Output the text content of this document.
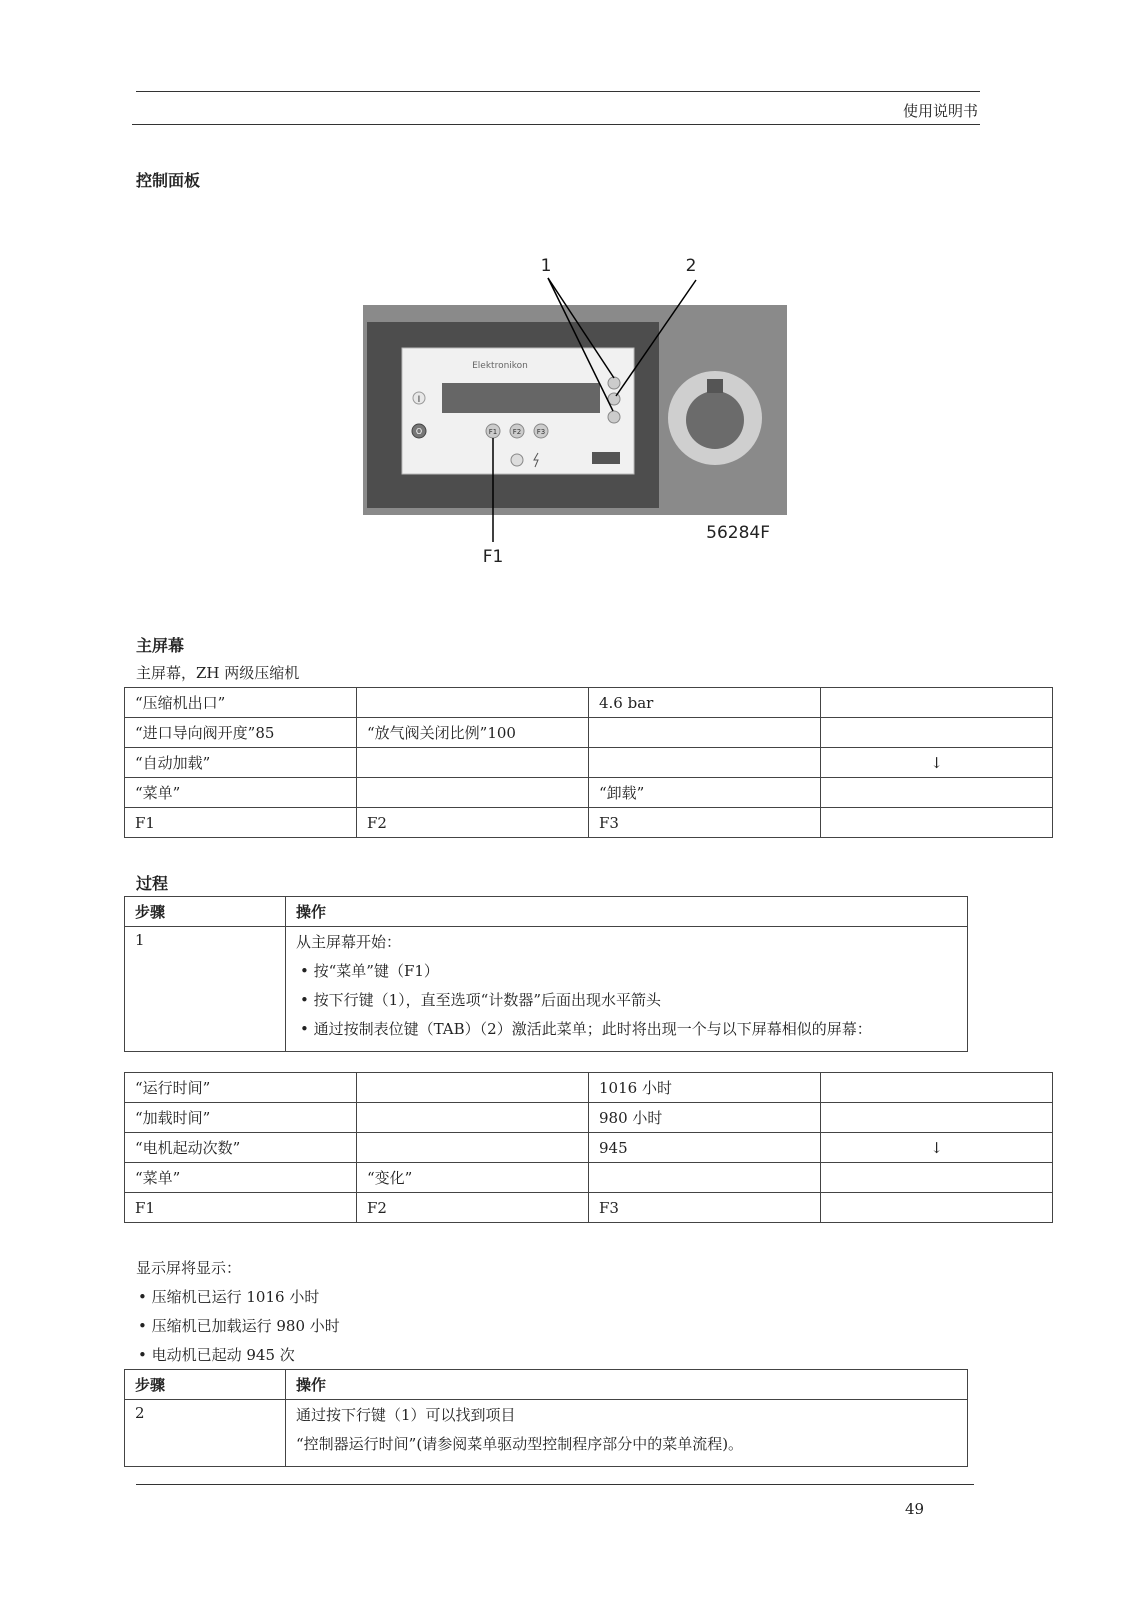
使用说明书
控制面板
Elektronikon
I
O	F1 F2 F3
1	2
F1
56284F
主屏幕
主屏幕，ZH 两级压缩机
“压缩机出口”		4.6 bar	
“进口导向阀开度”85	“放气阀关闭比例”100		
“自动加载”			↓
“菜单”		“卸载”	
F1	F2	F3	
过程
步骤	操作
1	从主屏幕开始：
• 按“菜单”键（F1）
• 按下行键（1），直至选项“计数器”后面出现水平箭头
• 通过按制表位键（TAB）（2）激活此菜单；此时将出现一个与以下屏幕相似的屏幕：
“运行时间”		1016 小时	
“加载时间”		980 小时	
“电机起动次数”		945	↓
“菜单”	“变化”		
F1	F2	F3	
显示屏将显示：
• 压缩机已运行 1016 小时
• 压缩机已加载运行 980 小时
• 电动机已起动 945 次
步骤	操作
2	通过按下行键（1）可以找到项目
“控制器运行时间”(请参阅菜单驱动型控制程序部分中的菜单流程)。
49
